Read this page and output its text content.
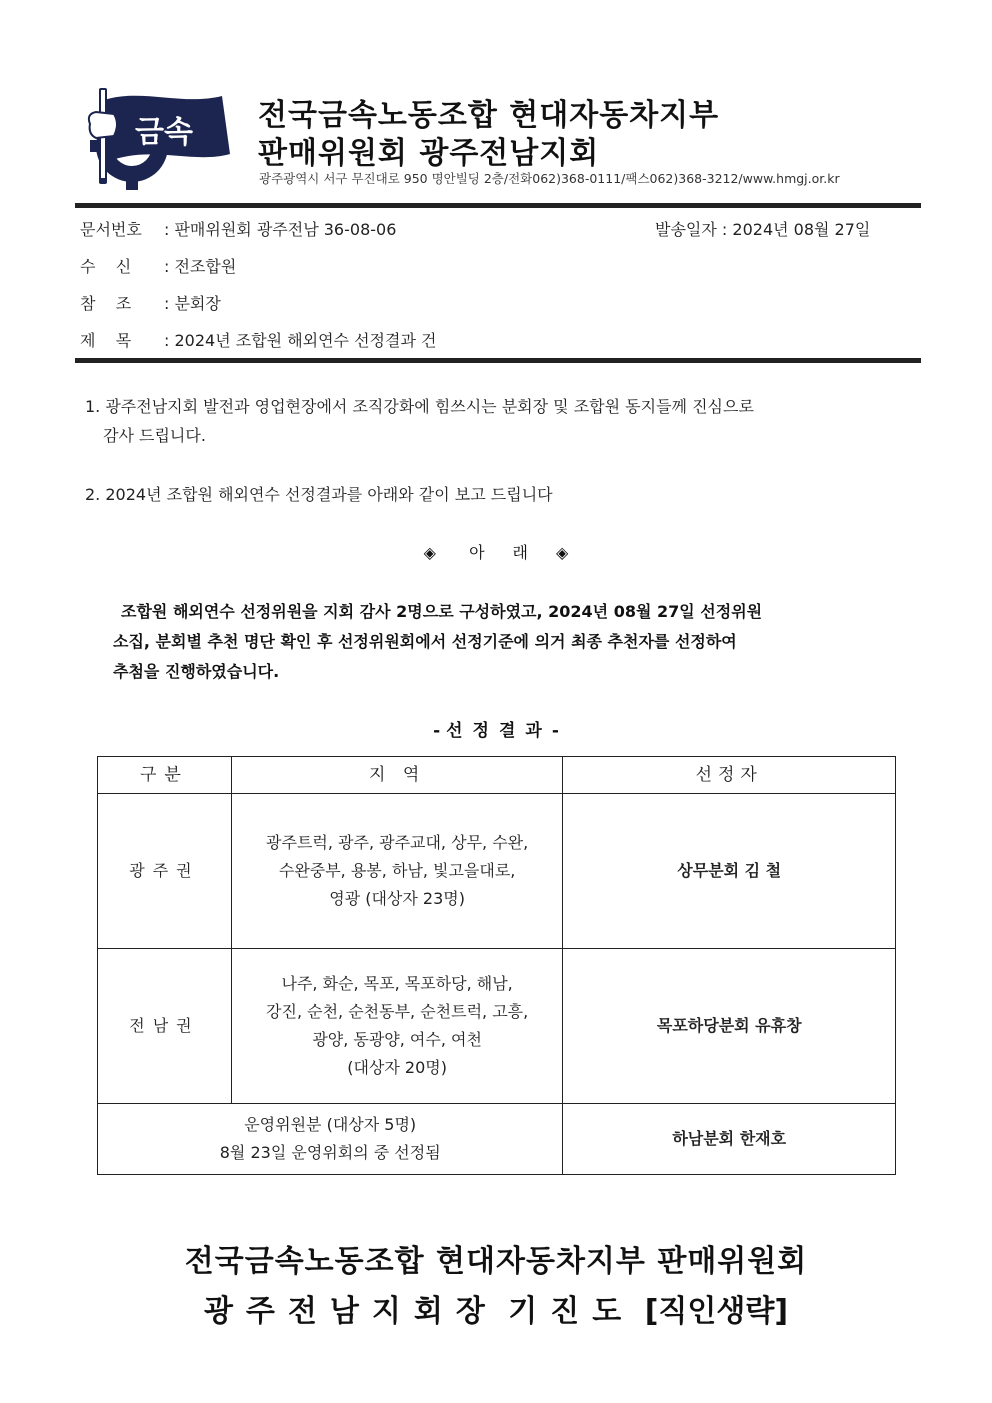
금속 전국금속노동조합 현대자동차지부
판매위원회 광주전남지회
광주광역시 서구 무진대로 950 명안빌딩 2층/전화062)368-0111/팩스062)368-3212/www.hmgj.or.kr
문서번호 : 판매위원회 광주전남 36-08-06	발송일자 : 2024년 08월 27일
수    신 : 전조합원
참    조 : 분회장
제    목 : 2024년 조합원 해외연수 선정결과 건
1. 광주전남지회 발전과 영업현장에서 조직강화에 힘쓰시는 분회장 및 조합원 동지들께 진심으로
감사 드립니다.
2. 2024년 조합원 해외연수 선정결과를 아래와 같이 보고 드립니다
◈ 아래◈
조합원 해외연수 선정위원을 지회 감사 2명으로 구성하였고, 2024년 08월 27일 선정위원
소집, 분회별 추천 명단 확인 후 선정위원회에서 선정기준에 의거 최종 추천자를 선정하여
추첨을 진행하였습니다.
- 선정결과-
구분	지 역	선정자
광주권	광주트럭, 광주, 광주교대, 상무, 수완,
수완중부, 용봉, 하남, 빛고을대로,
영광 (대상자 23명)	상무분회 김 철
전남권	나주, 화순, 목포, 목포하당, 해남,
강진, 순천, 순천동부, 순천트럭, 고흥,
광양, 동광양, 여수, 여천
(대상자 20명)	목포하당분회 유휴창

운영위원분 (대상자 5명)
8월 23일 운영위회의 중 선정됨		하남분회 한재호
전국금속노동조합 현대자동차지부 판매위원회
광주전남지회장 기진도 [직인생략]
